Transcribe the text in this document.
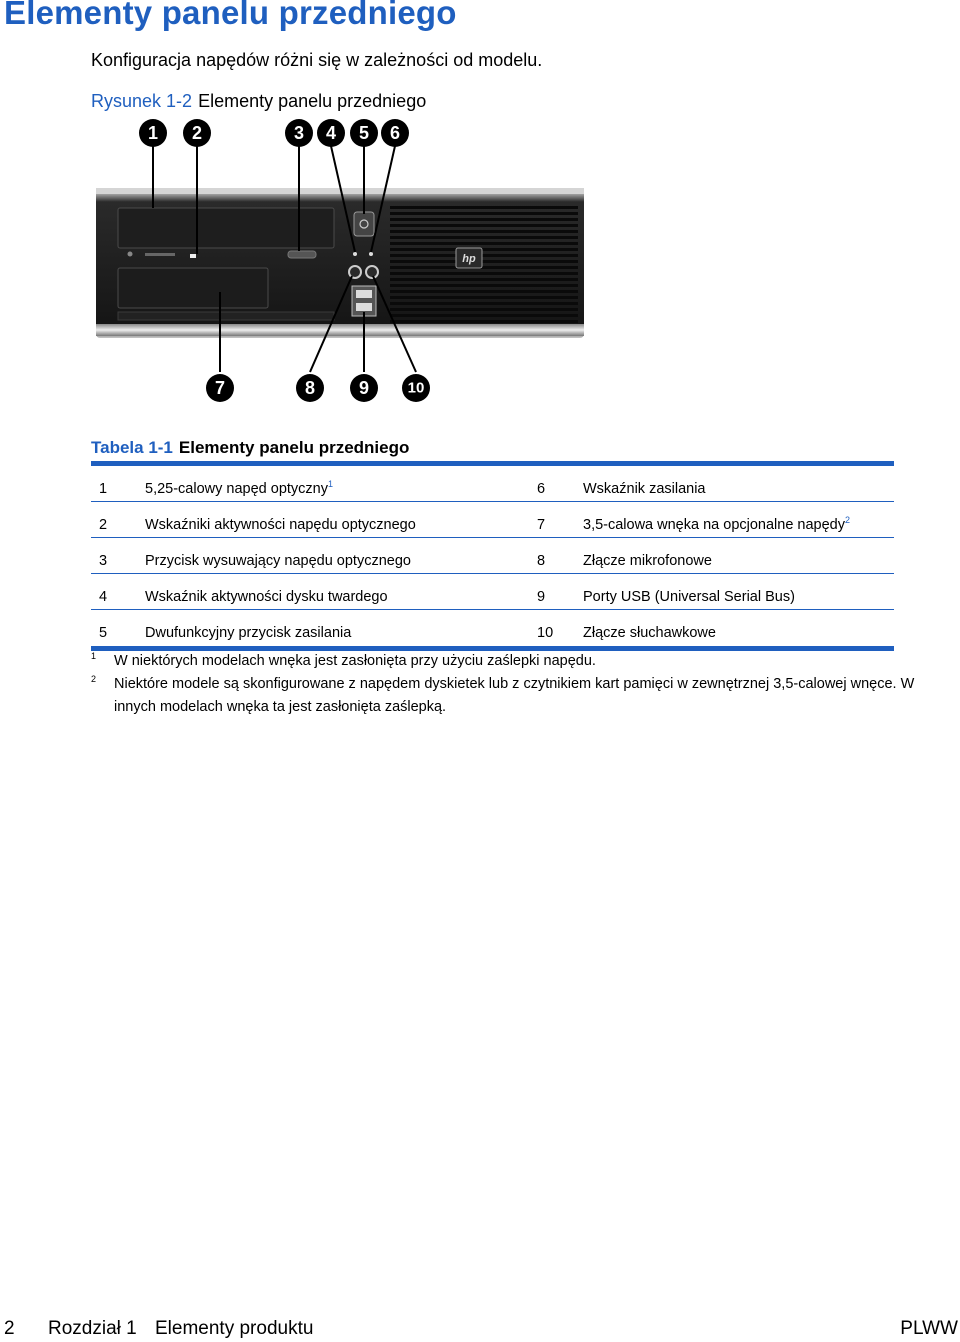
Elementy panelu przedniego
Konfiguracja napędów różni się w zależności od modelu.
Rysunek 1-2 Elementy panelu przedniego
hp
1 2	3 4 5 6
7	8 9	10
Tabela 1-1 Elementy panelu przedniego
1	5,25-calowy napęd optyczny$^1$	6	Wskaźnik zasilania
2	Wskaźniki aktywności napędu optycznego	7	3,5-calowa wnęka na opcjonalne napędy$^2$
3	Przycisk wysuwający napędu optycznego	8	Złącze mikrofonowe
4	Wskaźnik aktywności dysku twardego	9	Porty USB (Universal Serial Bus)
5	Dwufunkcyjny przycisk zasilania	10 Złącze słuchawkowe
1 W niektórych modelach wnęka jest zasłonięta przy użyciu zaślepki napędu.
2 Niektóre modele są skonfigurowane z napędem dyskietek lub z czytnikiem kart pamięci w zewnętrznej 3,5-calowej wnęce. W innych modelach wnęka ta jest zasłonięta zaślepką.
2 Rozdział 1 Elementy produktu	PLWW
